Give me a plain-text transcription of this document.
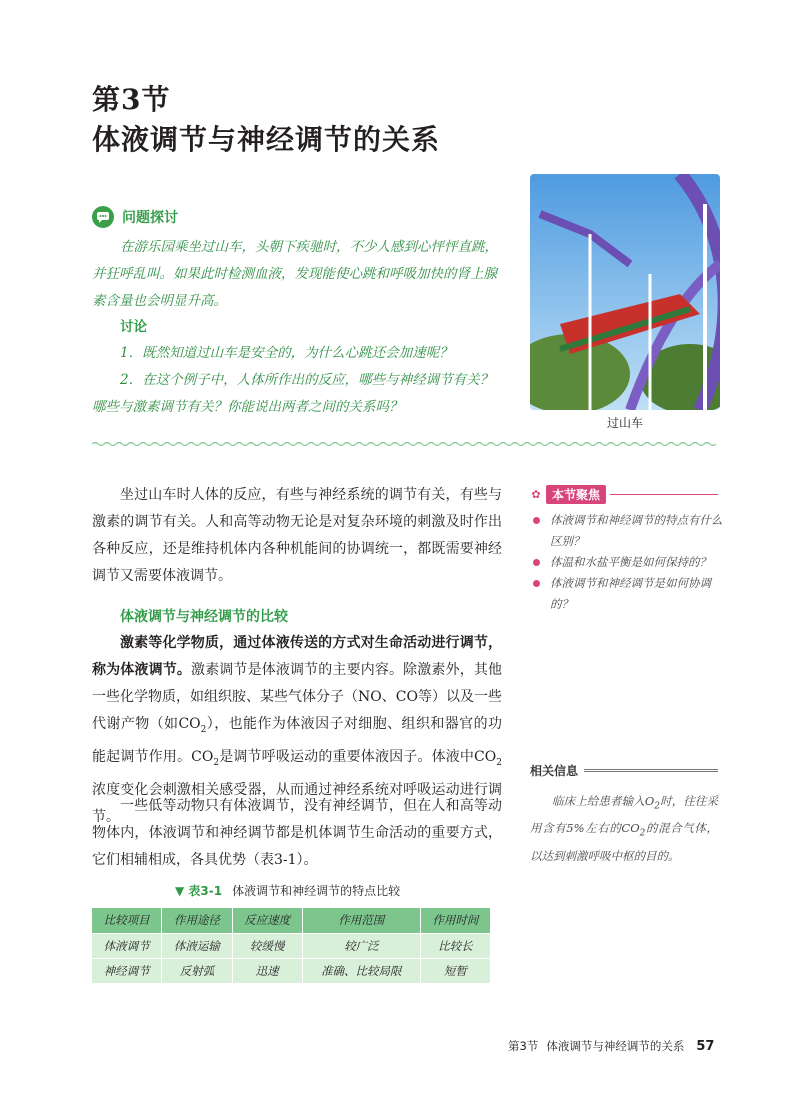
第3节
体液调节与神经调节的关系
过山车
问题探讨

在游乐园乘坐过山车，头朝下疾驰时，不少人感到心怦怦直跳，并狂呼乱叫。如果此时检测血液，发现能使心跳和呼吸加快的肾上腺素含量也会明显升高。

讨论

1．既然知道过山车是安全的，为什么心跳还会加速呢？

2．在这个例子中，人体所作出的反应，哪些与神经调节有关？哪些与激素调节有关？你能说出两者之间的关系吗？

坐过山车时人体的反应，有些与神经系统的调节有关，有些与激素的调节有关。人和高等动物无论是对复杂环境的刺激及时作出各种反应，还是维持机体内各种机能间的协调统一，都既需要神经调节又需要体液调节。

体液调节与神经调节的比较

激素等化学物质，通过体液传送的方式对生命活动进行调节，称为体液调节。激素调节是体液调节的主要内容。除激素外，其他一些化学物质，如组织胺、某些气体分子（NO、CO等）以及一些代谢产物（如$CO_2$），也能作为体液因子对细胞、组织和器官的功能起调节作用。$CO_2$是调节呼吸运动的重要体液因子。体液中$CO_2$浓度变化会刺激相关感受器，从而通过神经系统对呼吸运动进行调节。

一些低等动物只有体液调节，没有神经调节，但在人和高等动物体内，体液调节和神经调节都是机体调节生命活动的重要方式，它们相辅相成，各具优势（表3-1）。

✿ 本节聚焦
体液调节和神经调节的特点有什么区别？
体温和水盐平衡是如何保持的？
体液调节和神经调节是如何协调的？
相关信息

临床上给患者输入$O_2$时，往往采用含有5%左右的$CO_2$的混合气体，以达到刺激呼吸中枢的目的。

▼ 表3-1 体液调节和神经调节的特点比较
比较项目	作用途径	反应速度	作用范围	作用时间
体液调节	体液运输	较缓慢	较广泛	比较长
神经调节	反射弧	迅速	准确、比较局限	短暂
第3节 体液调节与神经调节的关系 57
